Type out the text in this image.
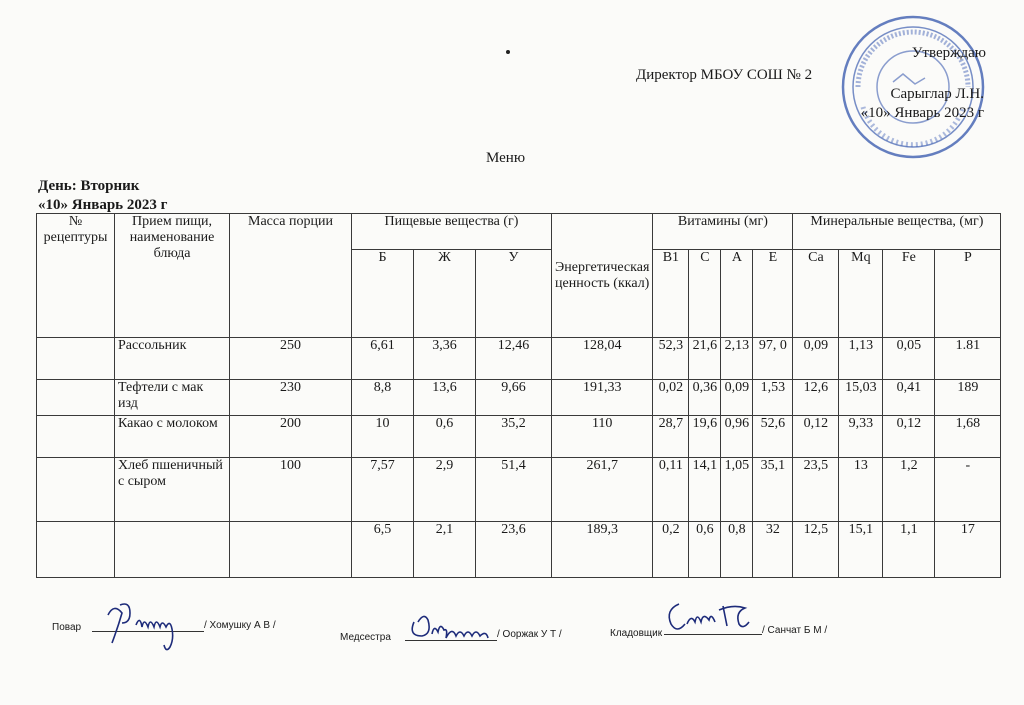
Утверждаю
Директор МБОУ СОШ № 2
Сарыглар Л.Н.
«10» Январь 2023 г
Меню
День: Вторник
«10» Январь 2023 г
№ рецептуры	Прием пищи, наименование блюда	Масса порции	Пищевые вещества (г)			Энергетическая ценность (ккал)	Витамины (мг)				Минеральные вещества, (мг)			
			Б	Ж	У		B1	C	A	E	Ca	Mq	Fe	P
	Рассольник	250	6,61	3,36	12,46	128,04	52,3	21,6	2,13	97, 0	0,09	1,13	0,05	1.81
	Тефтели с мак изд	230	8,8	13,6	9,66	191,33	0,02	0,36	0,09	1,53	12,6	15,03	0,41	189
	Какао с молоком	200	10	0,6	35,2	110	28,7	19,6	0,96	52,6	0,12	9,33	0,12	1,68
	Хлеб пшеничный с сыром	100	7,57	2,9	51,4	261,7	0,11	14,1	1,05	35,1	23,5	13	1,2	-
			6,5	2,1	23,6	189,3	0,2	0,6	0,8	32	12,5	15,1	1,1	17
Повар	/ Хомушку А В /
Медсестра	/ Ооржак У Т /	Кладовщик	/ Санчат Б М /
